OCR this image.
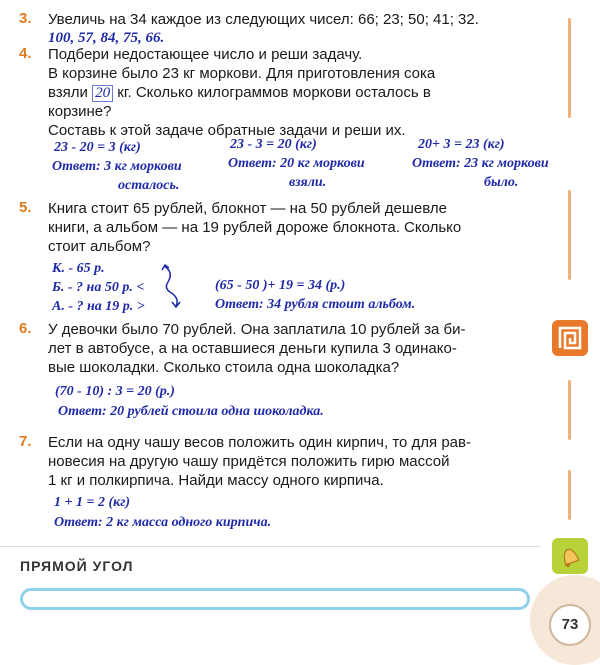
3. Увеличь на 34 каждое из следующих чисел: 66; 23; 50; 41; 32.
100, 57, 84, 75, 66.
4. Подбери недостающее число и реши задачу.
В корзине было 23 кг моркови. Для приготовления сока
взяли 20 кг. Сколько килограммов моркови осталось в
корзине?
Составь к этой задаче обратные задачи и реши их.
23 - 20 = 3 (кг)
Ответ: 3 кг моркови
осталось.
23 - 3 = 20 (кг)
Ответ: 20 кг моркови
взяли.
20+ 3 = 23 (кг)
Ответ: 23 кг моркови
было.
5. Книга стоит 65 рублей, блокнот — на 50 рублей дешевле
книги, а альбом — на 19 рублей дороже блокнота. Сколько
стоит альбом?
К. - 65 р.
Б. - ? на 50 р. <
А. - ? на 19 р. >
(65 - 50 )+ 19 = 34 (р.)
Ответ: 34 рубля стоит альбом.
6. У девочки было 70 рублей. Она заплатила 10 рублей за би-
лет в автобусе, а на оставшиеся деньги купила 3 одинако-
вые шоколадки. Сколько стоила одна шоколадка?
(70 - 10) : 3 = 20 (р.)
Ответ: 20 рублей стоила одна шоколадка.
7. Если на одну чашу весов положить один кирпич, то для рав-
новесия на другую чашу придётся положить гирю массой
1 кг и полкирпича. Найди массу одного кирпича.
1 + 1 = 2 (кг)
Ответ: 2 кг масса одного кирпича.
ПРЯМОЙ УГОЛ
73
